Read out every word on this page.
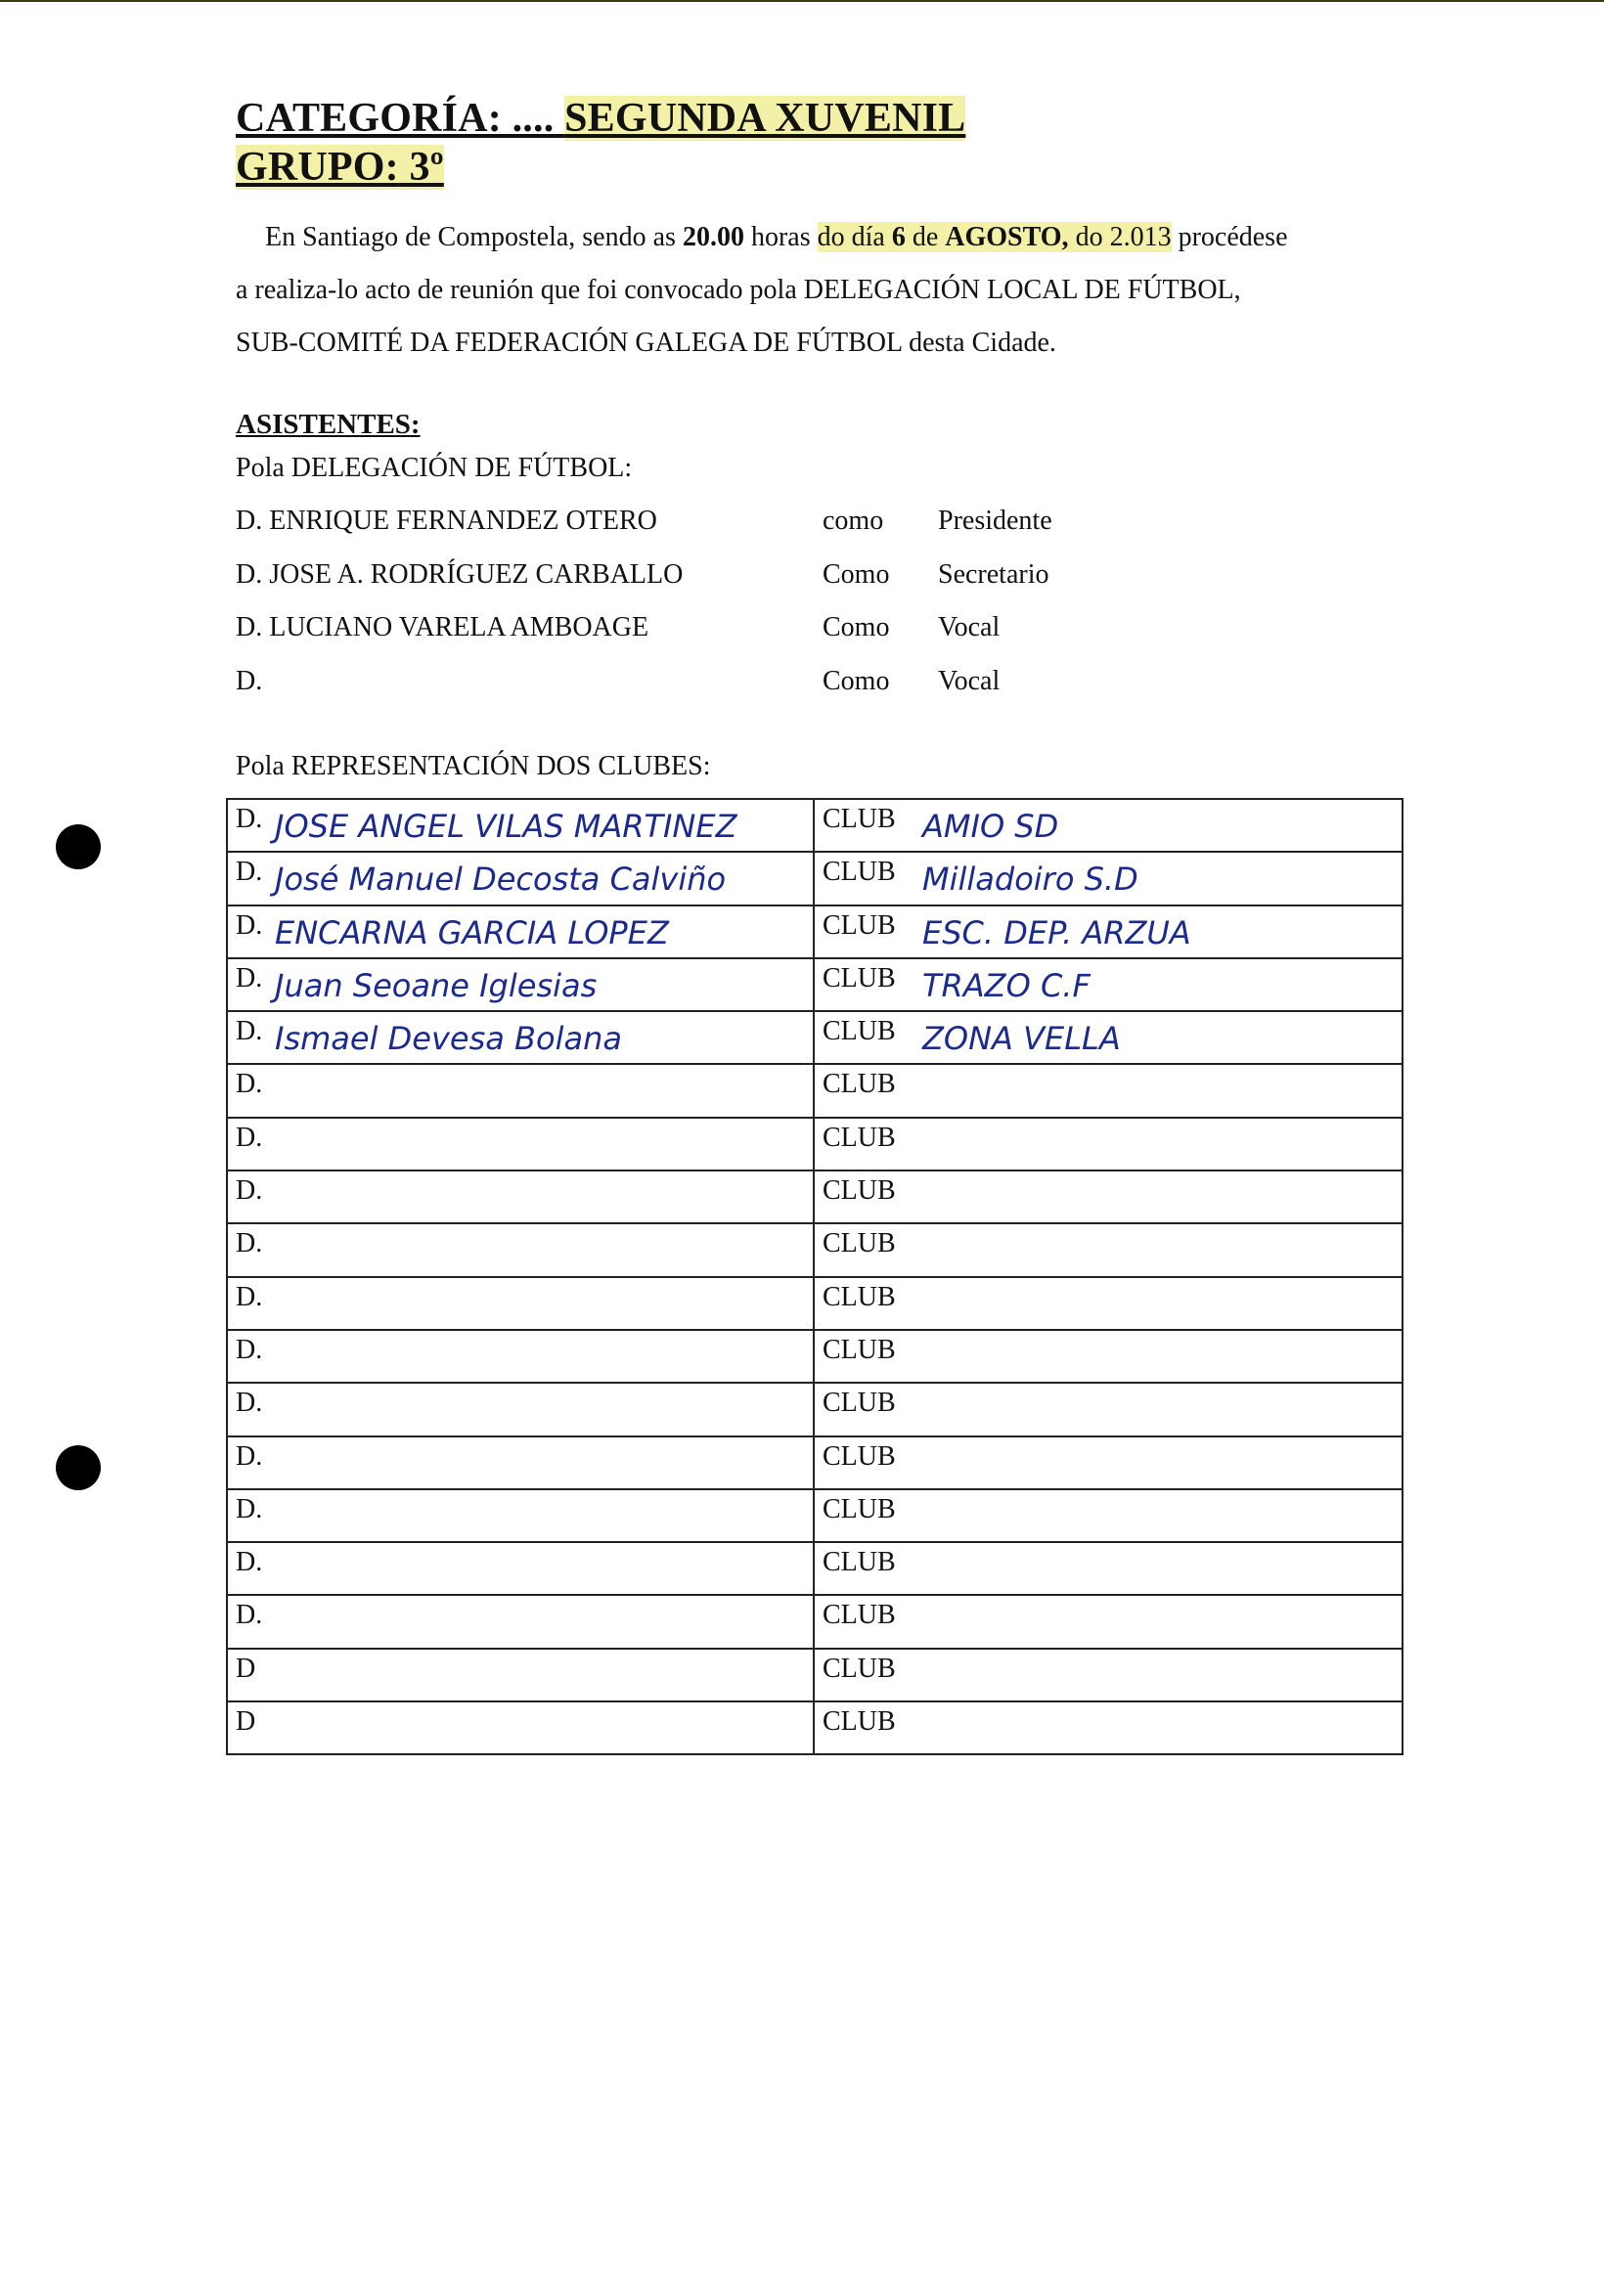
CATEGORÍA: .... SEGUNDA XUVENIL
GRUPO: 3º

En Santiago de Compostela, sendo as 20.00 horas do día 6 de AGOSTO, do 2.013 procédese

a realiza-lo acto de reunión que foi convocado pola DELEGACIÓN LOCAL DE FÚTBOL,

SUB-COMITÉ DA FEDERACIÓN GALEGA DE FÚTBOL desta Cidade.

ASISTENTES:
Pola DELEGACIÓN DE FÚTBOL:
D. ENRIQUE FERNANDEZ OTERO	como	Presidente
D. JOSE A. RODRÍGUEZ CARBALLO	Como	Secretario
D. LUCIANO VARELA AMBOAGE	Como	Vocal
D.	Como	Vocal
Pola REPRESENTACIÓN DOS CLUBES:
D. JOSE ANGEL VILAS MARTINEZ	CLUB AMIO SD

D. José Manuel Decosta Calviño	CLUB Milladoiro S.D

D. ENCARNA GARCIA LOPEZ	CLUB ESC. DEP. ARZUA

D. Juan Seoane Iglesias	CLUB TRAZO C.F

D. Ismael Devesa Bolana	CLUB ZONA VELLA

D.	CLUB

D.	CLUB

D.	CLUB

D.	CLUB

D.	CLUB

D.	CLUB

D.	CLUB

D.	CLUB

D.	CLUB

D.	CLUB

D.	CLUB

D	CLUB

D	CLUB
